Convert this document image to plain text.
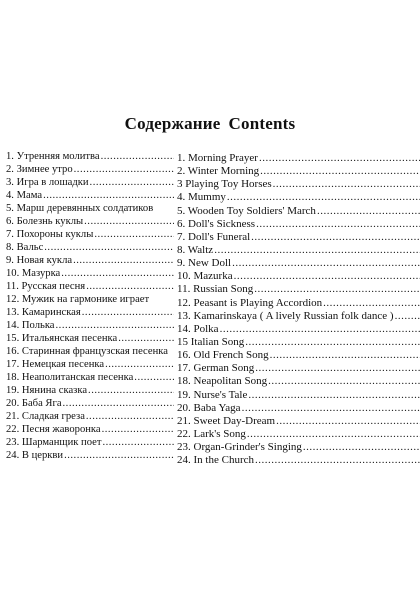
Содержание Contents
1. Утренняя молитва
.....
2. Зимнее утро
.....
3. Игра в лошадки
.....
4. Мама
.....
5. Марш деревянных солдатиков
6. Болезнь куклы
.....
7. Похороны куклы
.....
8. Вальс
.....
9. Новая кукла
.....
10. Мазурка
.....
11. Русская песня
.....
12. Мужик на гармонике играет
13. Камаринская
.....
14. Полька
.....
15. Итальянская песенка
.....
16. Старинная французская песенка
17. Немецкая песенка
.....
18. Неаполитанская песенка
.....
19. Нянина сказка
.....
20. Баба Яга
.....
21. Сладкая греза
.....
22. Песня жаворонка
.....
23. Шарманщик поет
.....
24. В церкви
.....
1. Morning Prayer
.....
2. Winter Morning
.....
3 Playing Toy Horses
.....
4. Mummy
.....
5. Wooden Toy Soldiers' March
.....
6. Doll's Sickness
.....
7. Doll's Funeral
.....
8. Waltz
.....
9. New Doll
.....
10. Mazurka
.....
11. Russian Song
.....
12. Peasant is Playing Accordion
.....
13. Kamarinskaya ( A lively Russian folk dance )
.....
14. Polka
.....
15 Italian Song
.....
16. Old French Song
.....
17. German Song
.....
18. Neapolitan Song
.....
19. Nurse's Tale
.....
20. Baba Yaga
.....
21. Sweet Day-Dream
.....
22. Lark's Song
.....
23. Organ-Grinder's Singing
.....
24. In the Church
.....
